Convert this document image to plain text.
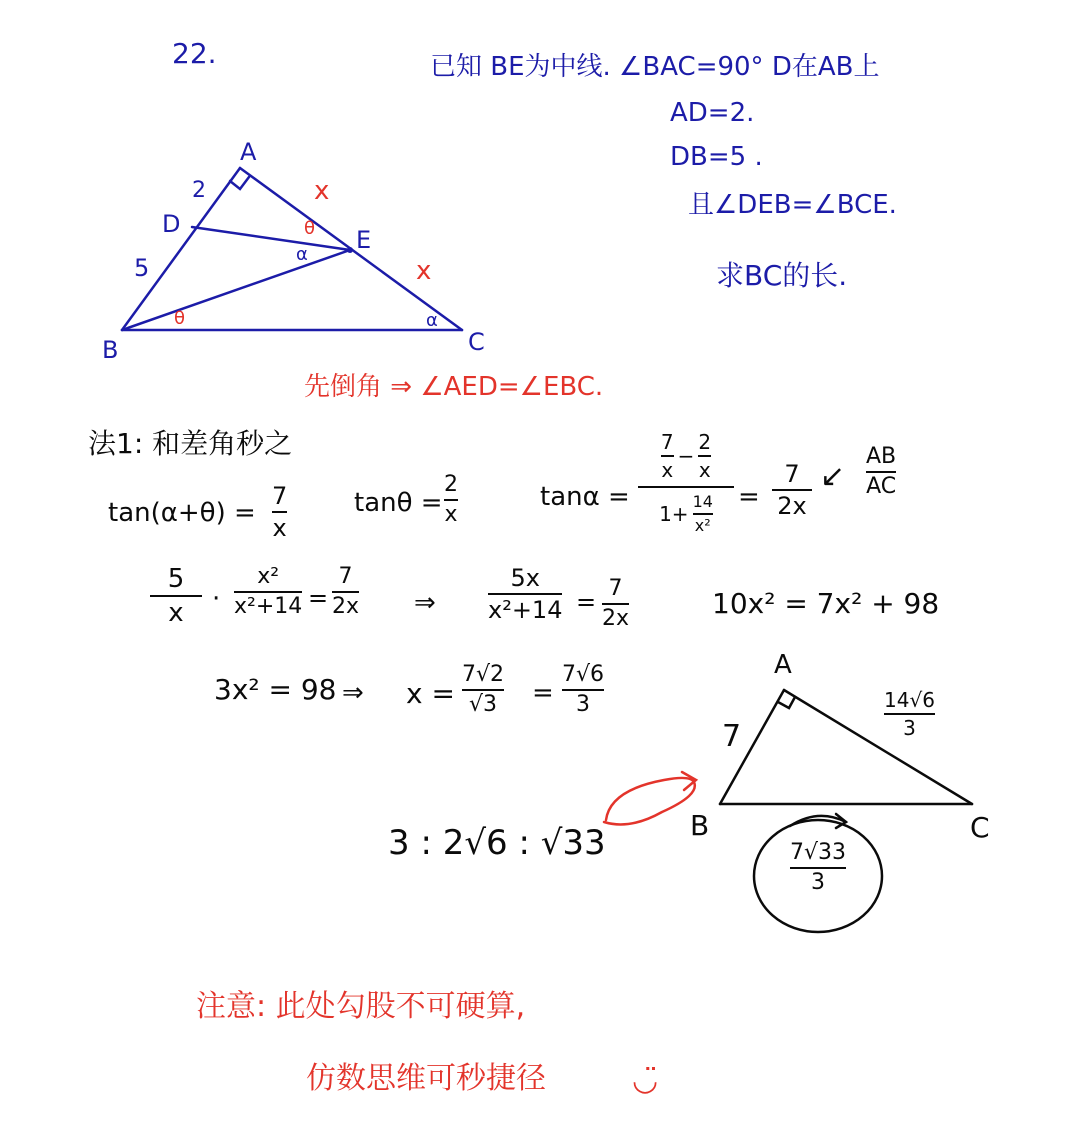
22.	已知 BE为中线. ∠BAC=90° D在AB上
AD=2.
DB=5 .
且∠DEB=∠BCE.
求BC的长.
A
B	C
D
E
2
5
x
x
θ
θ
α
α
先倒角 ⇒ ∠AED=∠EBC.
法1: 和差角秒之
tan(α+θ) =
7
x
tanθ =
2
x
tanα =
$\frac{7}{x} - \frac{2}{x}$
$1+ \frac{14}{\text{x²}}$ =
7
2x
↙
AB
AC
5
x ·
x²
x²+14 =
7
2x ⇒
5x
x²+14 = 7
2x	10x² = 7x² + 98
3x² = 98 ⇒ x =
7√2
√3 =
7√6
3
A
B	C
7
14√6
3
7√33
3
3 : 2√6 : √33
注意: 此处勾股不可硬算,
仿数思维可秒捷径	◡̈
